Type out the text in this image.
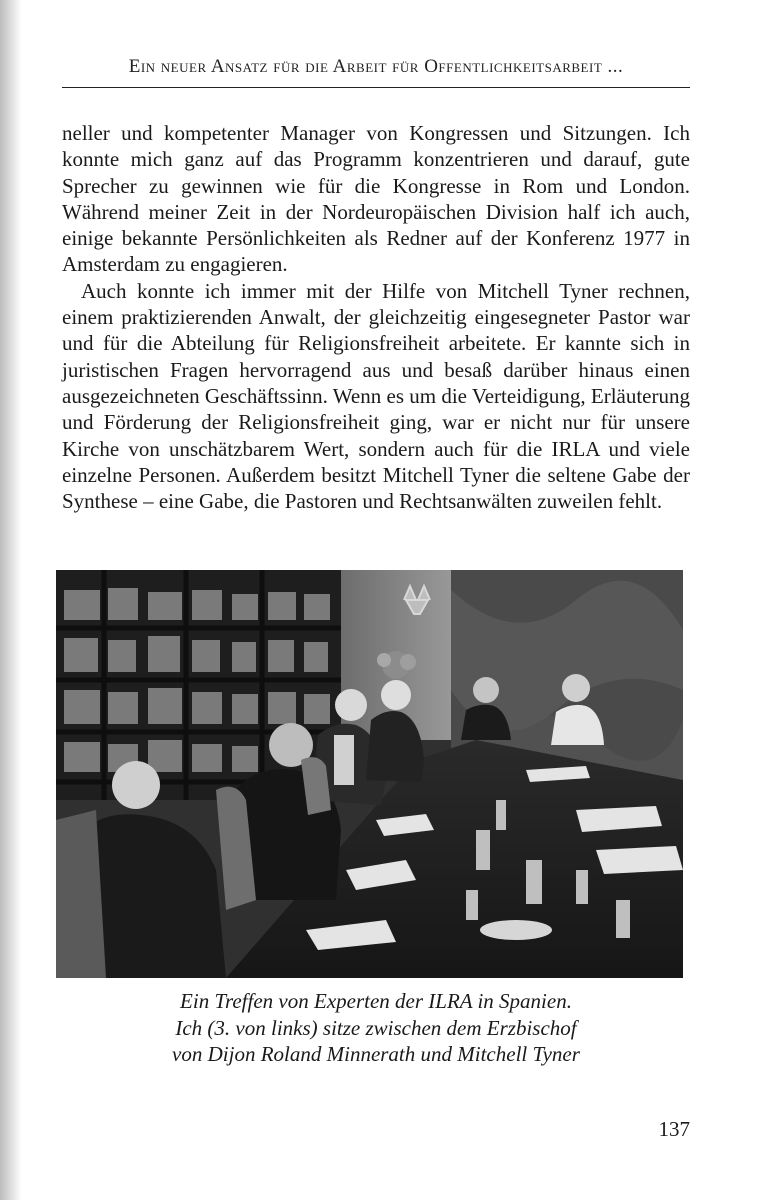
Ein neuer Ansatz für die Arbeit für Offentlichkeitsarbeit ...

neller und kompetenter Manager von Kongressen und Sitzungen. Ich konnte mich ganz auf das Programm konzentrieren und darauf, gute Sprecher zu gewinnen wie für die Kongresse in Rom und London. Während meiner Zeit in der Nordeuropäischen Division half ich auch, einige bekannte Persönlichkeiten als Redner auf der Konferenz 1977 in Amsterdam zu engagieren.

Auch konnte ich immer mit der Hilfe von Mitchell Tyner rechnen, einem praktizierenden Anwalt, der gleichzeitig eingesegneter Pastor war und für die Abteilung für Religionsfreiheit arbeitete. Er kannte sich in juristischen Fragen hervorragend aus und besaß darüber hinaus einen ausgezeichneten Geschäftssinn. Wenn es um die Verteidigung, Erläuterung und Förderung der Religionsfreiheit ging, war er nicht nur für unsere Kirche von unschätzbarem Wert, sondern auch für die IRLA und viele einzelne Personen. Außerdem besitzt Mitchell Tyner die seltene Gabe der Synthese – eine Gabe, die Pastoren und Rechtsanwälten zuweilen fehlt.

Ein Treffen von Experten der ILRA in Spanien.
Ich (3. von links) sitze zwischen dem Erzbischof
von Dijon Roland Minnerath und Mitchell Tyner
137
